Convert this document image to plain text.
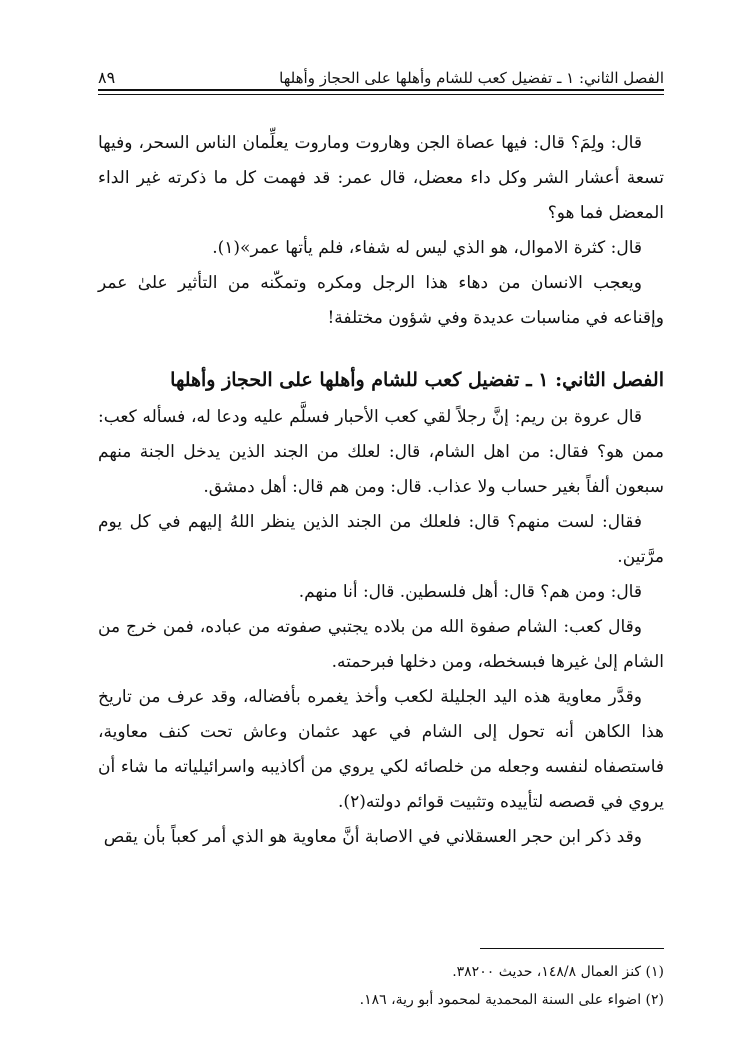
الفصل الثاني: ١ ـ تفضيل كعب للشام وأهلها على الحجاز وأهلها
٨٩

قال: ولِمَ؟ قال: فيها عصاة الجن وهاروت وماروت يعلِّمان الناس السحر، وفيها تسعة أعشار الشر وكل داء معضل، قال عمر: قد فهمت كل ما ذكرته غير الداء المعضل فما هو؟

قال: كثرة الاموال، هو الذي ليس له شفاء، فلم يأتها عمر»(١).

ويعجب الانسان من دهاء هذا الرجل ومكره وتمكّنه من التأثير علىٰ عمر وإقناعه في مناسبات عديدة وفي شؤون مختلفة!

الفصل الثاني: ١ ـ تفضيل كعب للشام وأهلها على الحجاز وأهلها

قال عروة بن ريم: إنَّ رجلاً لقي كعب الأحبار فسلَّم عليه ودعا له، فسأله كعب: ممن هو؟ فقال: من اهل الشام، قال: لعلك من الجند الذين يدخل الجنة منهم سبعون ألفاً بغير حساب ولا عذاب. قال: ومن هم قال: أهل دمشق.

فقال: لست منهم؟ قال: فلعلك من الجند الذين ينظر اللهُ إليهم في كل يوم مرَّتين.

قال: ومن هم؟ قال: أهل فلسطين. قال: أنا منهم.

وقال كعب: الشام صفوة الله من بلاده يجتبي صفوته من عباده، فمن خرج من الشام إلىٰ غيرها فبسخطه، ومن دخلها فبرحمته.

وقدَّر معاوية هذه اليد الجليلة لكعب وأخذ يغمره بأفضاله، وقد عرف من تاريخ هذا الكاهن أنه تحول إلى الشام في عهد عثمان وعاش تحت كنف معاوية، فاستصفاه لنفسه وجعله من خلصائه لكي يروي من أكاذيبه واسرائيلياته ما شاء أن يروي في قصصه لتأييده وتثبيت قوائم دولته(٢).

وقد ذكر ابن حجر العسقلاني في الاصابة أنَّ معاوية هو الذي أمر كعباً بأن يقص

(١) كنز العمال ١٤٨/٨، حديث ٣٨٢٠٠.
(٢) اضواء على السنة المحمدية لمحمود أبو رية، ١٨٦.
